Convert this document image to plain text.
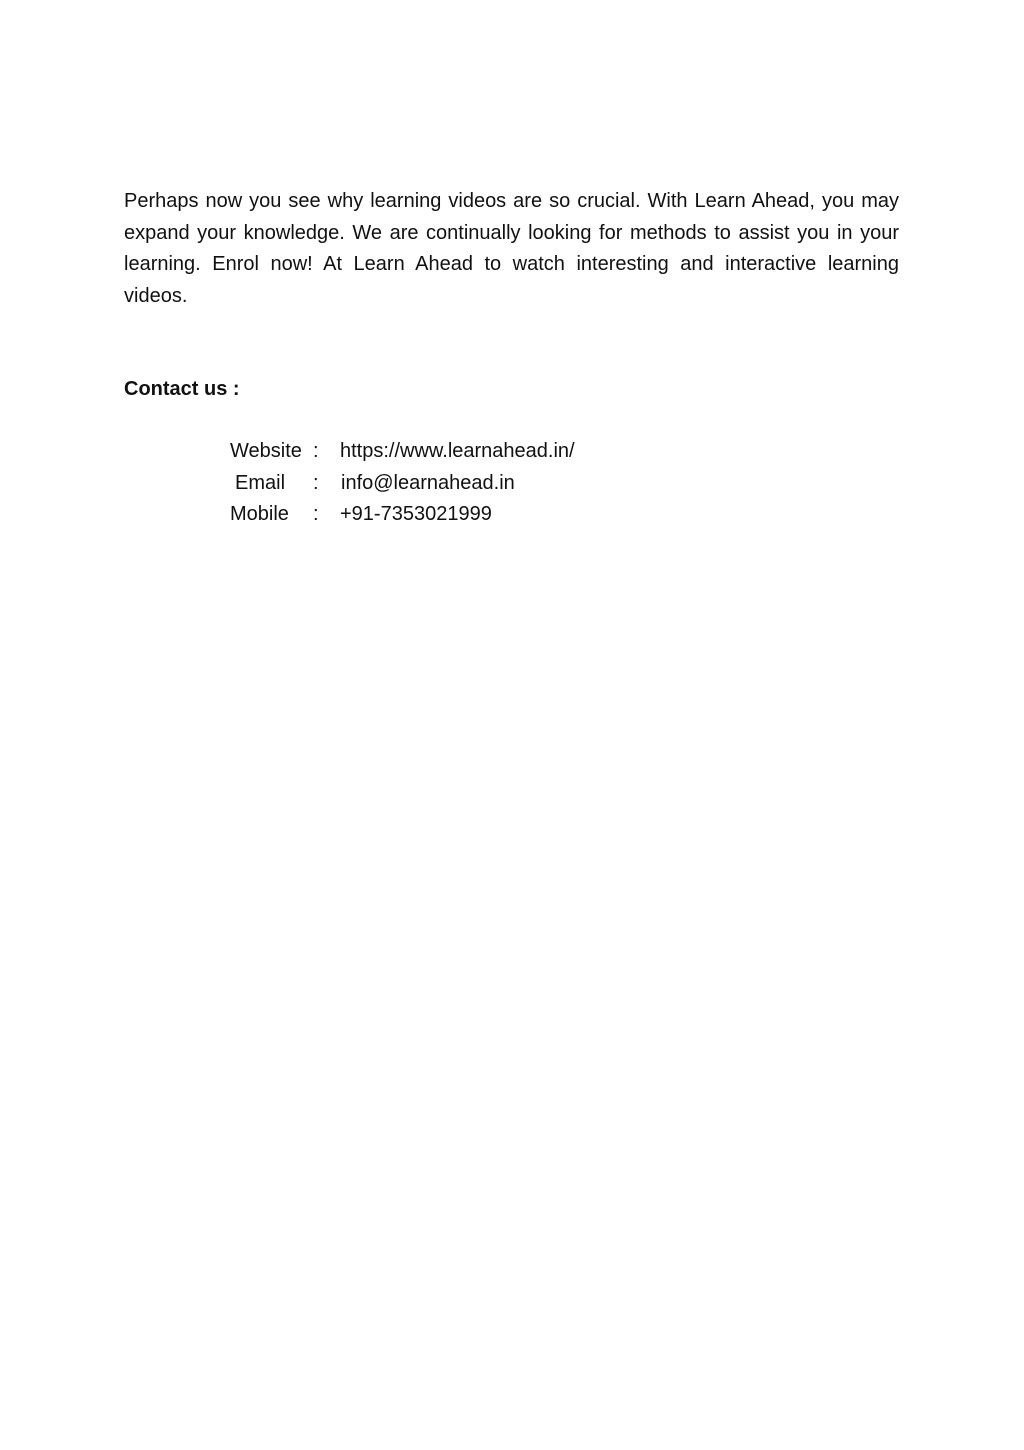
Perhaps now you see why learning videos are so crucial. With Learn Ahead, you may expand your knowledge. We are continually looking for methods to assist you in your learning. Enrol now! At Learn Ahead to watch interesting and interactive learning videos.

Contact us :
Website :	https://www.learnahead.in/
Email	:	info@learnahead.in
Mobile	:	+91-7353021999
